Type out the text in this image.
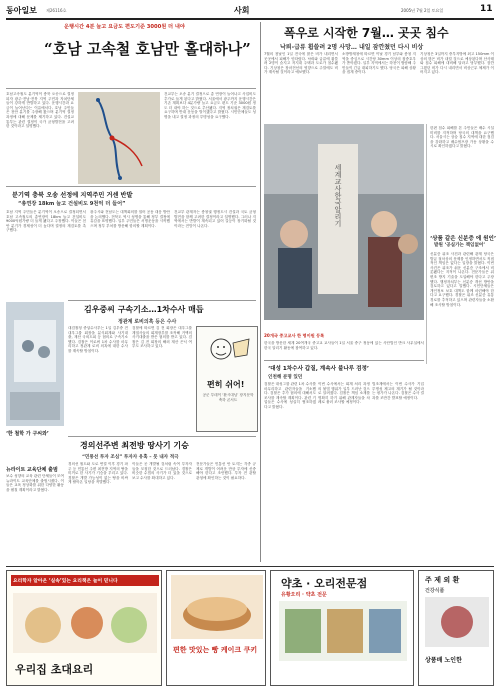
동아일보 제26116호	사회	2005년 7월 2일 토요일	11
운행시간 4분 늘고 요금도 편도기준 3000원 더 내야
“호남 고속철 호남만 홀대하나”
호남고속철도 분기역이 충북 오송으로 결정되자 광주·전남·전북 지역 주민과 자치단체들이 강하게 반발하고 있다. 운행시간과 요금이 늘어난다는 이유에서다. 호남 주민들은 천안 분기를 주장해 왔으며 분기역 결정 과정에 대해 문제를 제기하고 있다. 건설교통부는 관련 결정이 국가 균형발전을 고려한 것이라고 설명했다.
건교부는 오송 분기 결정으로 총 연장이 늘어나고 사업비도 추가로 들게 된다고 밝혔다. 서울에서 광주까지 운행시간은 기존 계획보다 4분가량 늘고 요금도 편도 기준 3000원 정도 더 내야 하는 것으로 추산됐다. 지역 정치권은 재검토를 요구하며 반대 운동을 벌이겠다고 밝혔다. 시민단체들도 성명을 내고 결정 과정의 투명성을 요구했다.
분기역 충북 오송 선정에 지역주민 거센 반발
“총연장 18km 늘고 건설비도 9천억 더 들어”
호남 지역 주민들은 분기역이 오송으로 결정되면서 호남 고속철도의 총연장이 18km 늘고 건설비도 9000억원가량 더 들게 됐다고 주장했다. 이들은 천안 분기가 경제성이 더 높다며 결정의 재검토를 촉구했다.
광주시와 전남도는 대책회의를 열어 공동 대응 방안을 논의했다. 전북도 역시 성명을 통해 정부 결정에 유감을 표명했다. 일부 주민들은 서명운동을 시작했으며 정부 부처를 방문해 항의할 계획이다.
건교부 관계자는 충청권 행정도시 건설과 국토 균형발전을 함께 고려한 결정이라고 설명했다. 그러나 지역에서는 반발이 계속되고 있어 갈등이 장기화될 것이라는 전망이 나온다.
김우중씨 구속기소…1차수사 매듭
정관계 로비의혹 등은 수사
대검찰청 중앙수사부는 1일 김우중 전 대우그룹 회장을 분식회계와 사기대출, 재산 국외도피 등 혐의로 구속기소했다. 검찰은 이로써 1차 수사를 마무리하고 정관계 로비 의혹에 대한 수사를 계속할 방침이다.
검찰에 따르면 김 전 회장은 대우그룹 계열사들의 회계장부를 조작해 거액의 사기대출을 받은 혐의를 받고 있다. 검찰은 김 전 회장의 해외 재산 은닉 여부도 조사하고 있다.
편히 쉬어!
공군 투데이 ‘환시대님’ 장지문학 축하 콘서트
‘한 철학 가 구씨와’
뉴라이트 교육단체 출범
보수 성향의 교육 관련 단체들이 모여 뉴라이트 교육단체를 출범시켰다. 이들은 교육 정상화를 위한 다양한 활동을 펼칠 계획이라고 밝혔다.
경의선주변 최전방 땅사기 기승
“민통선 투자 조심” 투자자 유혹 – 뭇 내자 적극
경의선 철도와 도로 연결 이후 경기 파주 등 민통선 주변 최전방 지역의 땅을 미끼로 한 사기가 기승을 부리고 있다. 경찰은 개발 가능성이 없는 땅을 비싸게 팔아온 일당을 적발했다.
이들은 곧 개발될 것처럼 속여 투자자들을 모집한 것으로 드러났다. 경찰은 비슷한 수법의 사기가 더 있을 것으로 보고 수사를 확대하고 있다.
전문가들은 민통선 안 토지는 각종 규제로 개발이 어려운 만큼 투자에 신중해야 한다고 조언했다. 투자 전 관할 관청에 확인하는 것이 필요하다.
폭우로 시작한 7월… 곳곳 침수
낙뢰-급류 휩쓸려 2명 사망… 내일 잠깐쳤던 다시 비상
7월의 첫날인 1일 전국에 많은 비가 내리면서 곳곳에서 피해가 잇따랐다. 낙뢰와 급류에 휩쓸려 2명이 숨지고 저지대 주택과 도로가 침수됐다. 기상청은 장마전선의 영향으로 주말에도 비가 계속될 것이라고 예보했다.
소방방재청에 따르면 이날 경기 남부와 충청 지역을 중심으로 시간당 30mm 이상의 집중호우가 쏟아졌다. 일부 지역에서는 하천이 범람해 주민들이 긴급 대피하기도 했다. 당국은 피해 상황을 집계 중이다.
기상청은 3일까지 중부지방에 최고 150mm 이상의 많은 비가 내릴 것으로 예상된다며 산사태와 침수 피해에 대비해 달라고 당부했다. 잠깐 그쳤던 비가 다시 내리면서 비상근무 체제가 이어지고 있다.
세계교사한국알리기
20개국 중고교사 한 명이원 등록
한국을 방문한 세계 20여개국 중고교 교사들이 1일 서울 중구 정동에 있는 사단법인 반크 사무실에서 한국 알리기 활동에 참여하고 있다.
한편 침수 피해를 본 주민들은 배수 시설 미비를 지적하며 당국의 대책을 요구했다. 서울시는 상습 침수 지역에 대한 점검을 강화하고 배수펌프장 가동 상황을 수시로 확인하겠다고 밝혔다.
‘상품 같은 신분증 에 원인’
발원 ‘공실가는 책임없어’
신분증 위조 사건과 관련해 관계 당국은 발급 절차상의 문제를 인정하면서도 직접적인 책임은 없다는 입장을 밝혔다. 이번 사건은 위조가 쉬운 신분증 구조에서 비롯됐다는 지적이 나온다. 전문가들은 위변조 방지 기술을 도입해야 한다고 주장했다. 행정자치부는 신분증 개선 방안을 검토하고 있다고 말했다. 시민단체들은 개인정보 보호 대책도 함께 마련해야 한다고 요구했다. 경찰은 위조 신분증 유통 경로를 추적하고 있으며 관련자들을 소환해 조사할 방침이다.
‘대성 1차수사 갑질, 계속사 불나루 검정’
인천해 분명 있던
검찰은 대성그룹 관련 1차 수사를 마무리하고 관련자들을 기소했다. 검찰은 추가 혐의에 대해서도 조사를 계속할 계획이다. 관련 기업들은 수사에 성실히 협조하겠다고 밝혔다.
이번 수사에서는 회계 처리 과정의 불법 행위가 일부 드러난 것으로 알려졌다. 검찰은 책임 소재를 명확히 하기 위해 관계자들을 차례로 불러 조사할 예정이다.
법조계에서는 이번 수사가 기업 투명성 제고의 계기가 될 것이라는 평가가 나온다. 검찰은 수사 결과를 조만간 발표할 예정이다.
요리학자 알아온 ‘실속’있는 요리책은 늘어 믿니다
우리집 초대요리
편한 맛있는 빵 케이크 쿠키
약초 · 오리전문점
유황오리 · 약초 전문
주 제 외 환
건강식품
상품배 노인한
